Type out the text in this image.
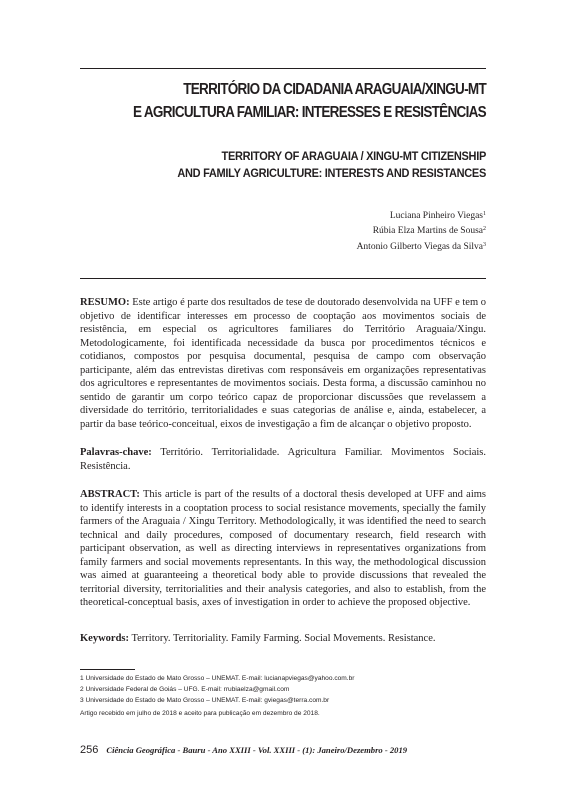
TERRITÓRIO DA CIDADANIA ARAGUAIA/XINGU-MT
E AGRICULTURA FAMILIAR: INTERESSES E RESISTÊNCIAS
TERRITORY OF ARAGUAIA / XINGU-MT CITIZENSHIP
AND FAMILY AGRICULTURE: INTERESTS AND RESISTANCES
Luciana Pinheiro Viegas$^1$
Rúbia Elza Martins de Sousa$^2$
Antonio Gilberto Viegas da Silva$^3$

RESUMO: Este artigo é parte dos resultados de tese de doutorado desenvolvida na UFF e tem o objetivo de identificar interesses em processo de cooptação aos movimentos sociais de resistência, em especial os agricultores familiares do Território Araguaia/Xingu. Metodologicamente, foi identificada necessidade da busca por procedimentos técnicos e cotidianos, compostos por pesquisa documental, pesquisa de campo com observação participante, além das entrevistas diretivas com responsáveis em organizações representativas dos agricultores e representantes de movimentos sociais. Desta forma, a discussão caminhou no sentido de garantir um corpo teórico capaz de proporcionar discussões que revelassem a diversidade do território, territorialidades e suas categorias de análise e, ainda, estabelecer, a partir da base teórico-conceitual, eixos de investigação a fim de alcançar o objetivo proposto.

Palavras-chave: Território. Territorialidade. Agricultura Familiar. Movimentos Sociais. Resistência.

ABSTRACT: This article is part of the results of a doctoral thesis developed at UFF and aims to identify interests in a cooptation process to social resistance movements, specially the family farmers of the Araguaia / Xingu Territory. Methodologically, it was identified the need to search technical and daily procedures, composed of documentary research, field research with participant observation, as well as directing interviews in representatives organizations from family farmers and social movements representants. In this way, the methodological discussion was aimed at guaranteeing a theoretical body able to provide discussions that revealed the territorial diversity, territorialities and their analysis categories, and also to establish, from the theoretical-conceptual basis, axes of investigation in order to achieve the proposed objective.

Keywords: Territory. Territoriality. Family Farming. Social Movements. Resistance.

1 Universidade do Estado de Mato Grosso – UNEMAT. E-mail: lucianapviegas@yahoo.com.br
2 Universidade Federal de Goiás – UFG. E-mail: rrubiaelza@gmail.com
3 Universidade do Estado de Mato Grosso – UNEMAT. E-mail: gviegas@terra.com.br
Artigo recebido em julho de 2018 e aceito para publicação em dezembro de 2018.
256 Ciência Geográfica - Bauru - Ano XXIII - Vol. XXIII - (1): Janeiro/Dezembro - 2019
